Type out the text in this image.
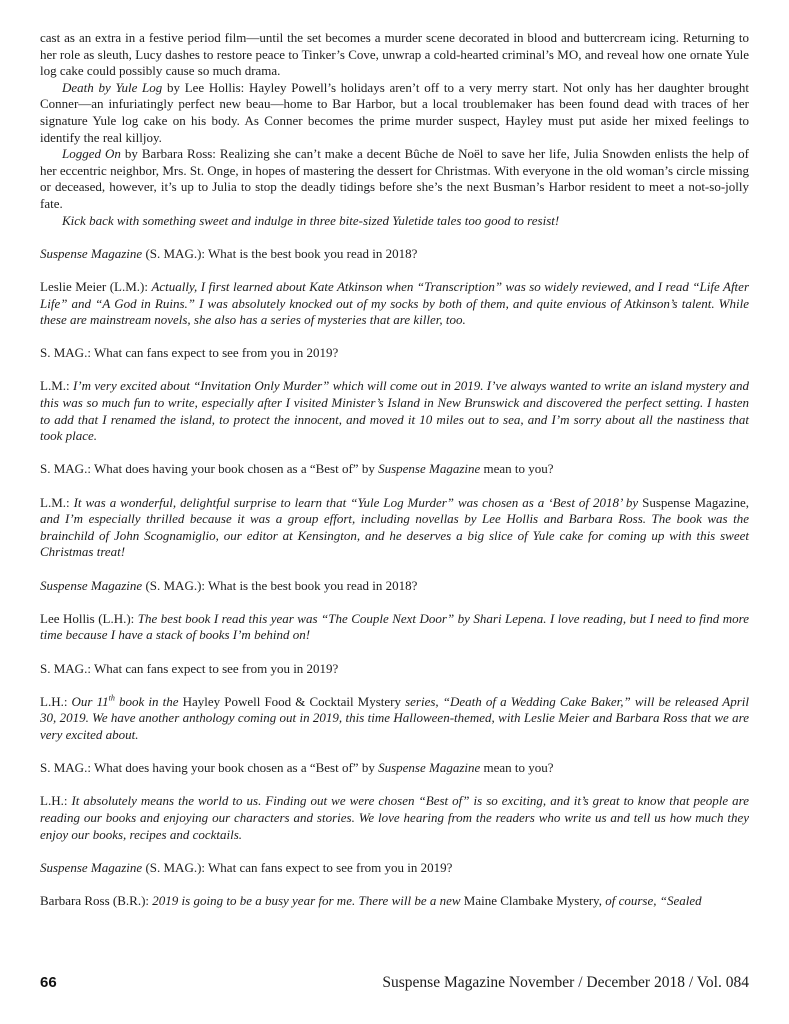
cast as an extra in a festive period film—until the set becomes a murder scene decorated in blood and buttercream icing. Returning to her role as sleuth, Lucy dashes to restore peace to Tinker’s Cove, unwrap a cold-hearted criminal’s MO, and reveal how one ornate Yule log cake could possibly cause so much drama.

Death by Yule Log by Lee Hollis: Hayley Powell’s holidays aren’t off to a very merry start. Not only has her daughter brought Conner—an infuriatingly perfect new beau—home to Bar Harbor, but a local troublemaker has been found dead with traces of her signature Yule log cake on his body. As Conner becomes the prime murder suspect, Hayley must put aside her mixed feelings to identify the real killjoy.

Logged On by Barbara Ross: Realizing she can’t make a decent Bûche de Noël to save her life, Julia Snowden enlists the help of her eccentric neighbor, Mrs. St. Onge, in hopes of mastering the dessert for Christmas. With everyone in the old woman’s circle missing or deceased, however, it’s up to Julia to stop the deadly tidings before she’s the next Busman’s Harbor resident to meet a not-so-jolly fate.

Kick back with something sweet and indulge in three bite-sized Yuletide tales too good to resist!

Suspense Magazine (S. MAG.): What is the best book you read in 2018?

Leslie Meier (L.M.): Actually, I first learned about Kate Atkinson when “Transcription” was so widely reviewed, and I read “Life After Life” and “A God in Ruins.” I was absolutely knocked out of my socks by both of them, and quite envious of Atkinson’s talent. While these are mainstream novels, she also has a series of mysteries that are killer, too.

S. MAG.: What can fans expect to see from you in 2019?

L.M.: I’m very excited about “Invitation Only Murder” which will come out in 2019. I’ve always wanted to write an island mystery and this was so much fun to write, especially after I visited Minister’s Island in New Brunswick and discovered the perfect setting. I hasten to add that I renamed the island, to protect the innocent, and moved it 10 miles out to sea, and I’m sorry about all the nastiness that took place.

S. MAG.: What does having your book chosen as a “Best of” by Suspense Magazine mean to you?

L.M.: It was a wonderful, delightful surprise to learn that “Yule Log Murder” was chosen as a ‘Best of 2018’ by Suspense Magazine, and I’m especially thrilled because it was a group effort, including novellas by Lee Hollis and Barbara Ross. The book was the brainchild of John Scognamiglio, our editor at Kensington, and he deserves a big slice of Yule cake for coming up with this sweet Christmas treat!

Suspense Magazine (S. MAG.): What is the best book you read in 2018?

Lee Hollis (L.H.): The best book I read this year was “The Couple Next Door” by Shari Lepena. I love reading, but I need to find more time because I have a stack of books I’m behind on!

S. MAG.: What can fans expect to see from you in 2019?

L.H.: Our 11th book in the Hayley Powell Food & Cocktail Mystery series, “Death of a Wedding Cake Baker,” will be released April 30, 2019. We have another anthology coming out in 2019, this time Halloween-themed, with Leslie Meier and Barbara Ross that we are very excited about.

S. MAG.: What does having your book chosen as a “Best of” by Suspense Magazine mean to you?

L.H.: It absolutely means the world to us. Finding out we were chosen “Best of” is so exciting, and it’s great to know that people are reading our books and enjoying our characters and stories. We love hearing from the readers who write us and tell us how much they enjoy our books, recipes and cocktails.

Suspense Magazine (S. MAG.): What can fans expect to see from you in 2019?

Barbara Ross (B.R.): 2019 is going to be a busy year for me. There will be a new Maine Clambake Mystery, of course, “Sealed

66	Suspense Magazine November / December 2018 / Vol. 084
